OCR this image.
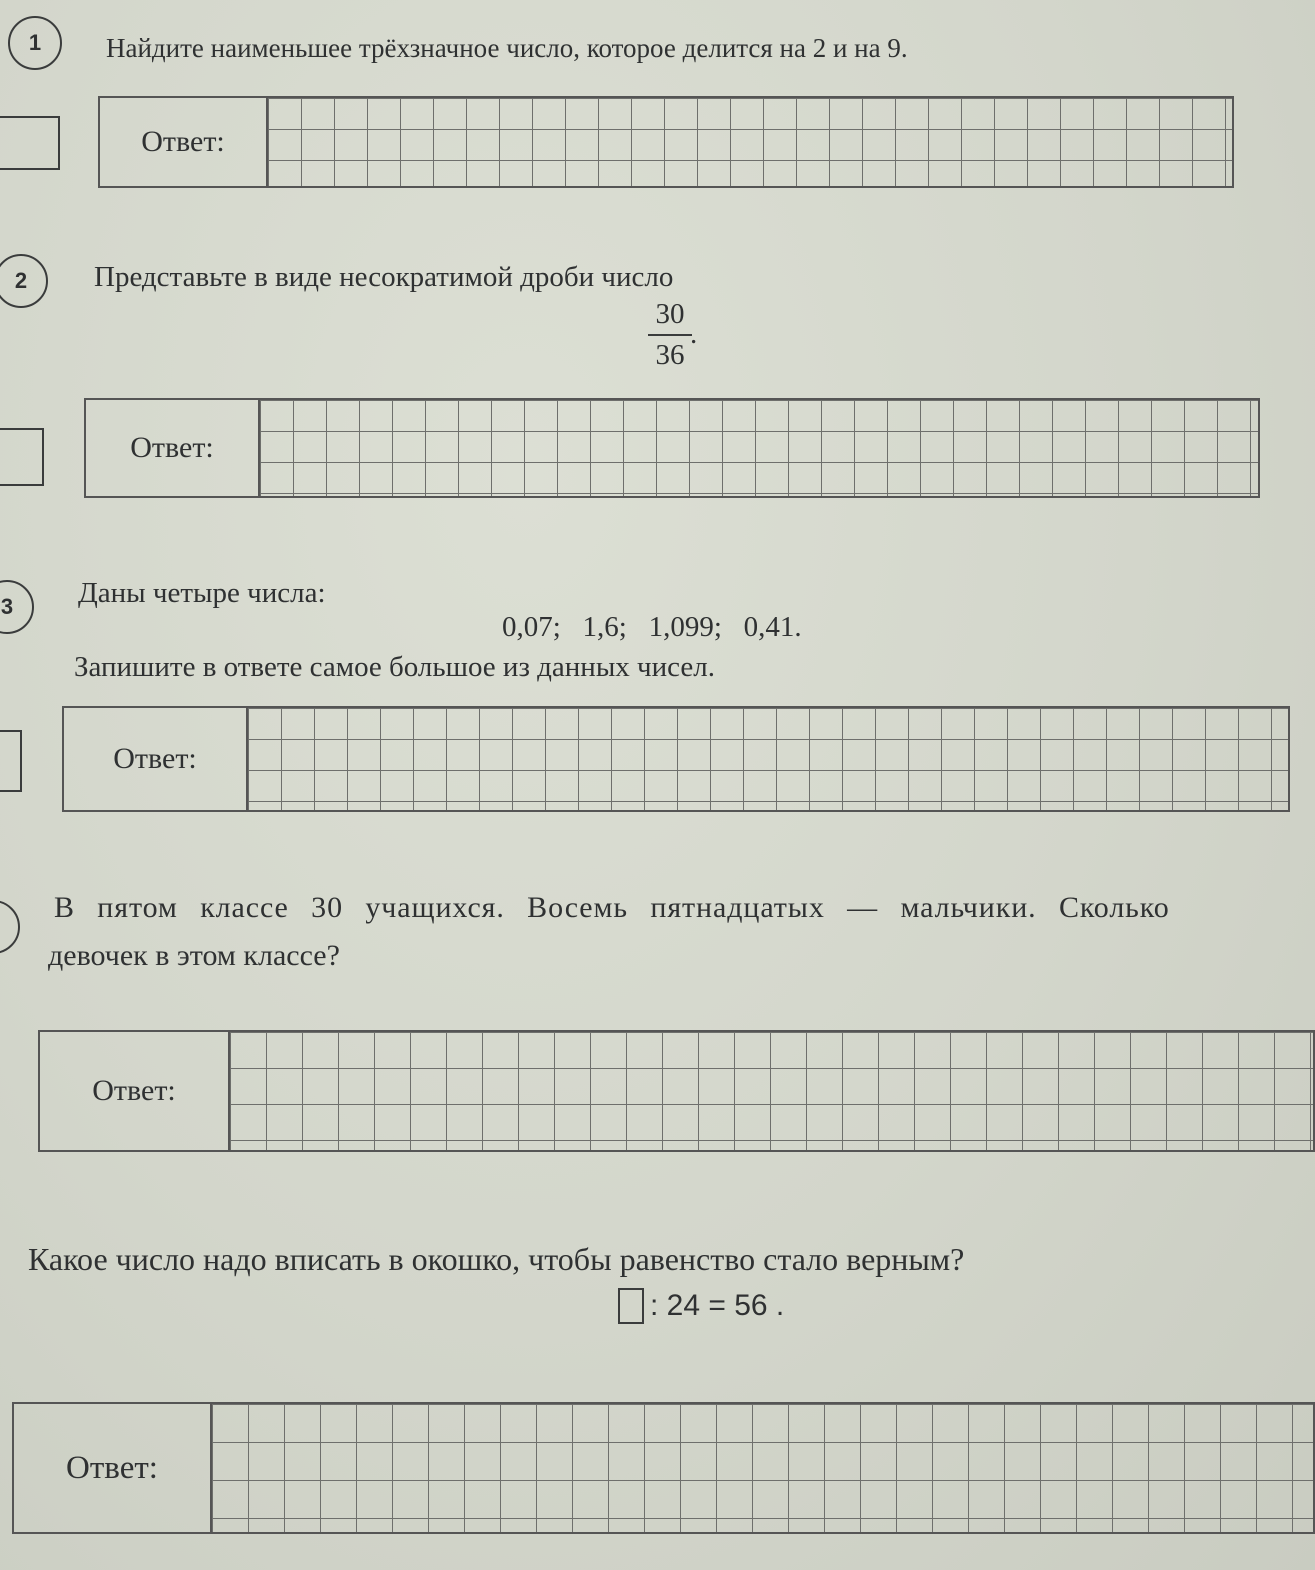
1	Найдите наименьшее трёхзначное число, которое делится на 2 и на 9.
Ответ:
2	Представьте в виде несократимой дроби число
$\frac{30}{36}$
.
Ответ:
3	Даны четыре числа:
0,07;   1,6;   1,099;   0,41.
Запишите в ответе самое большое из данных чисел.
Ответ:
В пятом классе 30 учащихся. Восемь пятнадцатых — мальчики. Сколько
девочек в этом классе?
Ответ:
Какое число надо вписать в окошко, чтобы равенство стало верным?
: 24 = 56 .
Ответ:
